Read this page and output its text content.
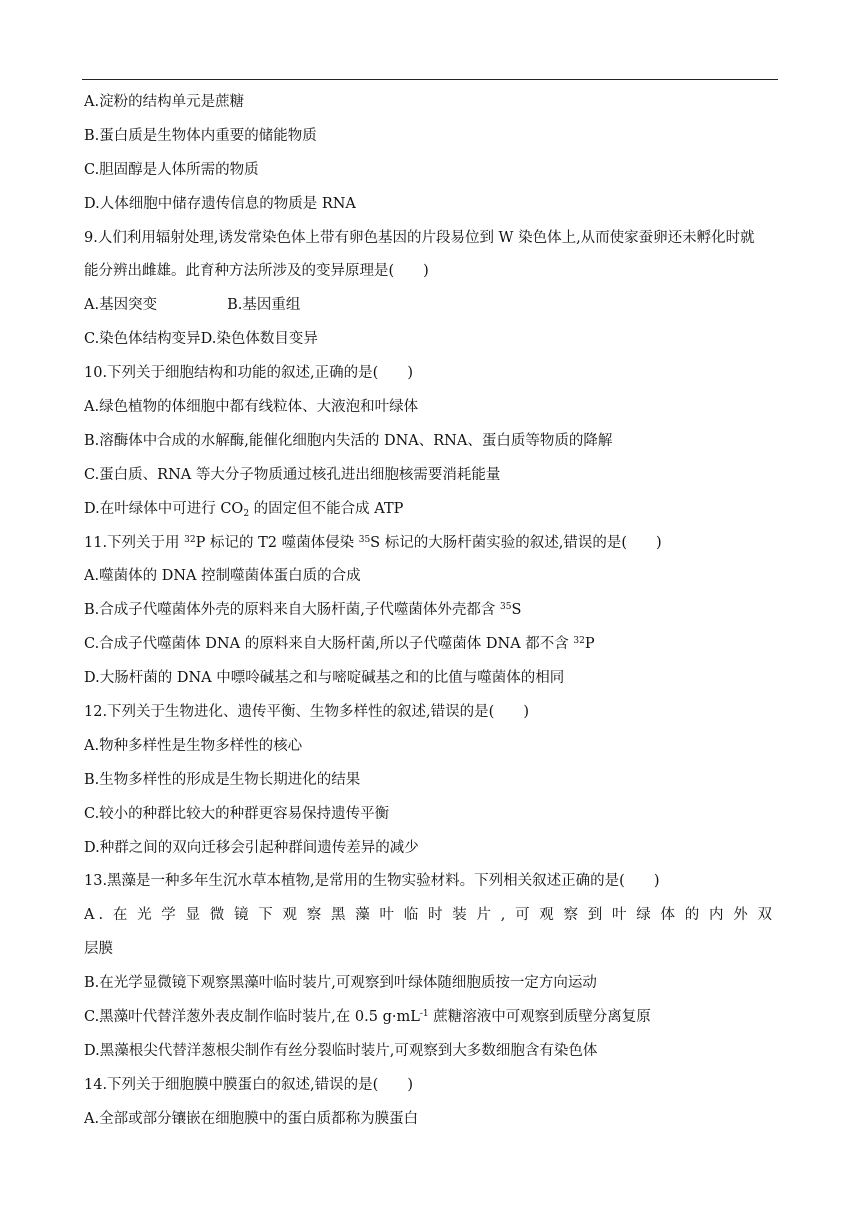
A.淀粉的结构单元是蔗糖
B.蛋白质是生物体内重要的储能物质
C.胆固醇是人体所需的物质
D.人体细胞中储存遗传信息的物质是 RNA
9.人们利用辐射处理,诱发常染色体上带有卵色基因的片段易位到 W 染色体上,从而使家蚕卵还未孵化时就
能分辨出雌雄。此育种方法所涉及的变异原理是(　　)
A.基因突变	B.基因重组
C.染色体结构变异D.染色体数目变异
10.下列关于细胞结构和功能的叙述,正确的是(　　)
A.绿色植物的体细胞中都有线粒体、大液泡和叶绿体
B.溶酶体中合成的水解酶,能催化细胞内失活的 DNA、RNA、蛋白质等物质的降解
C.蛋白质、RNA 等大分子物质通过核孔进出细胞核需要消耗能量
D.在叶绿体中可进行 $CO_2$ 的固定但不能合成 ATP
11.下列关于用 $^{32}$P 标记的 T2 噬菌体侵染 $^{35}$S 标记的大肠杆菌实验的叙述,错误的是(　　)
A.噬菌体的 DNA 控制噬菌体蛋白质的合成
B.合成子代噬菌体外壳的原料来自大肠杆菌,子代噬菌体外壳都含 $^{35}$S
C.合成子代噬菌体 DNA 的原料来自大肠杆菌,所以子代噬菌体 DNA 都不含 $^{32}$P
D.大肠杆菌的 DNA 中嘌呤碱基之和与嘧啶碱基之和的比值与噬菌体的相同
12.下列关于生物进化、遗传平衡、生物多样性的叙述,错误的是(　　)
A.物种多样性是生物多样性的核心
B.生物多样性的形成是生物长期进化的结果
C.较小的种群比较大的种群更容易保持遗传平衡
D.种群之间的双向迁移会引起种群间遗传差异的减少
13.黑藻是一种多年生沉水草本植物,是常用的生物实验材料。下列相关叙述正确的是(　　)
A.在光学显微镜下观察黑藻叶临时装片,可观察到叶绿体的内外双
层膜
B.在光学显微镜下观察黑藻叶临时装片,可观察到叶绿体随细胞质按一定方向运动
C.黑藻叶代替洋葱外表皮制作临时装片,在 0.5 $g\cdot mL^{-1}$ 蔗糖溶液中可观察到质壁分离复原
D.黑藻根尖代替洋葱根尖制作有丝分裂临时装片,可观察到大多数细胞含有染色体
14.下列关于细胞膜中膜蛋白的叙述,错误的是(　　)
A.全部或部分镶嵌在细胞膜中的蛋白质都称为膜蛋白
